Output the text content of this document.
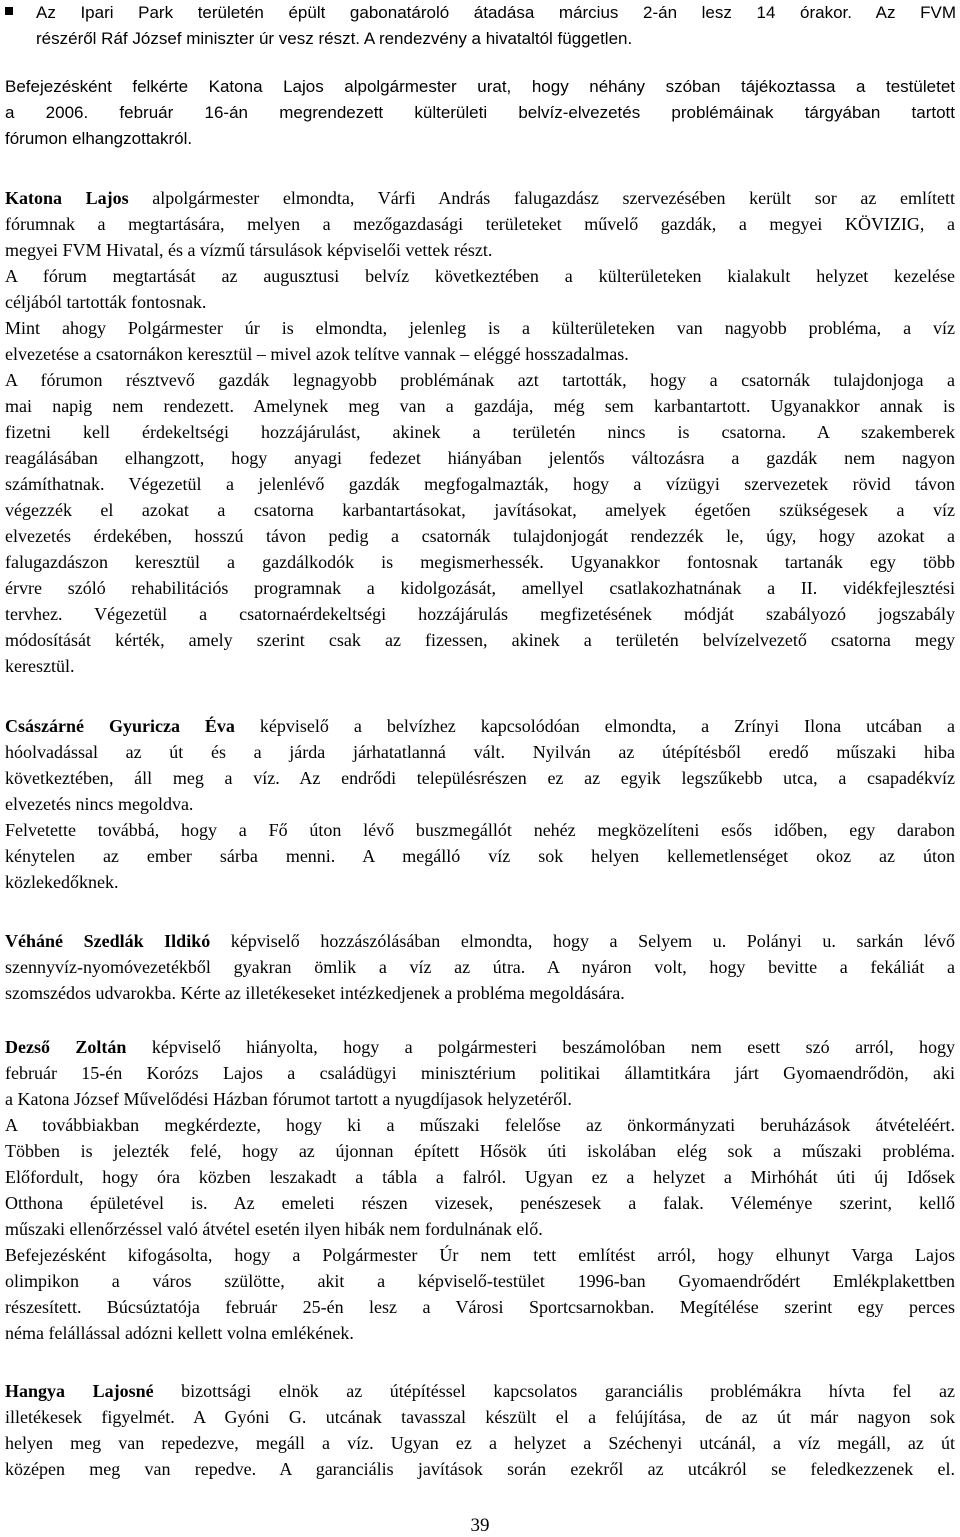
Az Ipari Park területén épült gabonatároló átadása március 2-án lesz 14 órakor. Az FVM
részéről Ráf József miniszter úr vesz részt. A rendezvény a hivataltól független.
Befejezésként felkérte Katona Lajos alpolgármester urat, hogy néhány szóban tájékoztassa a testületet
a 2006. február 16-án megrendezett külterületi belvíz-elvezetés problémáinak tárgyában tartott
fórumon elhangzottakról.
Katona Lajos alpolgármester elmondta, Várfi András falugazdász szervezésében került sor az említett
fórumnak a megtartására, melyen a mezőgazdasági területeket művelő gazdák, a megyei KÖVIZIG, a
megyei FVM Hivatal, és a vízmű társulások képviselői vettek részt.
A fórum megtartását az augusztusi belvíz következtében a külterületeken kialakult helyzet kezelése
céljából tartották fontosnak.
Mint ahogy Polgármester úr is elmondta, jelenleg is a külterületeken van nagyobb probléma, a víz
elvezetése a csatornákon keresztül – mivel azok telítve vannak – eléggé hosszadalmas.
A fórumon résztvevő gazdák legnagyobb problémának azt tartották, hogy a csatornák tulajdonjoga a
mai napig nem rendezett. Amelynek meg van a gazdája, még sem karbantartott. Ugyanakkor annak is
fizetni kell érdekeltségi hozzájárulást, akinek a területén nincs is csatorna. A szakemberek
reagálásában elhangzott, hogy anyagi fedezet hiányában jelentős változásra a gazdák nem nagyon
számíthatnak. Végezetül a jelenlévő gazdák megfogalmazták, hogy a vízügyi szervezetek rövid távon
végezzék el azokat a csatorna karbantartásokat, javításokat, amelyek égetően szükségesek a víz
elvezetés érdekében, hosszú távon pedig a csatornák tulajdonjogát rendezzék le, úgy, hogy azokat a
falugazdászon keresztül a gazdálkodók is megismerhessék. Ugyanakkor fontosnak tartanák egy több
érvre szóló rehabilitációs programnak a kidolgozását, amellyel csatlakozhatnának a II. vidékfejlesztési
tervhez. Végezetül a csatornaérdekeltségi hozzájárulás megfizetésének módját szabályozó jogszabály
módosítását kérték, amely szerint csak az fizessen, akinek a területén belvízelvezető csatorna megy
keresztül.
Császárné Gyuricza Éva képviselő a belvízhez kapcsolódóan elmondta, a Zrínyi Ilona utcában a
hóolvadással az út és a járda járhatatlanná vált. Nyilván az útépítésből eredő műszaki hiba
következtében, áll meg a víz. Az endrődi településrészen ez az egyik legszűkebb utca, a csapadékvíz
elvezetés nincs megoldva.
Felvetette továbbá, hogy a Fő úton lévő buszmegállót nehéz megközelíteni esős időben, egy darabon
kénytelen az ember sárba menni. A megálló víz sok helyen kellemetlenséget okoz az úton
közlekedőknek.
Véháné Szedlák Ildikó képviselő hozzászólásában elmondta, hogy a Selyem u. Polányi u. sarkán lévő
szennyvíz-nyomóvezetékből gyakran ömlik a víz az útra. A nyáron volt, hogy bevitte a fekáliát a
szomszédos udvarokba. Kérte az illetékeseket intézkedjenek a probléma megoldására.
Dezső Zoltán képviselő hiányolta, hogy a polgármesteri beszámolóban nem esett szó arról, hogy
február 15-én Korózs Lajos a családügyi minisztérium politikai államtitkára járt Gyomaendrődön, aki
a Katona József Művelődési Házban fórumot tartott a nyugdíjasok helyzetéről.
A továbbiakban megkérdezte, hogy ki a műszaki felelőse az önkormányzati beruházások átvételéért.
Többen is jelezték felé, hogy az újonnan épített Hősök úti iskolában elég sok a műszaki probléma.
Előfordult, hogy óra közben leszakadt a tábla a falról. Ugyan ez a helyzet a Mirhóhát úti új Idősek
Otthona épületével is. Az emeleti részen vizesek, penészesek a falak. Véleménye szerint, kellő
műszaki ellenőrzéssel való átvétel esetén ilyen hibák nem fordulnának elő.
Befejezésként kifogásolta, hogy a Polgármester Úr nem tett említést arról, hogy elhunyt Varga Lajos
olimpikon a város szülötte, akit a képviselő-testület 1996-ban Gyomaendrődért Emlékplakettben
részesített. Búcsúztatója február 25-én lesz a Városi Sportcsarnokban. Megítélése szerint egy perces
néma felállással adózni kellett volna emlékének.
Hangya Lajosné bizottsági elnök az útépítéssel kapcsolatos garanciális problémákra hívta fel az
illetékesek figyelmét. A Gyóni G. utcának tavasszal készült el a felújítása, de az út már nagyon sok
helyen meg van repedezve, megáll a víz. Ugyan ez a helyzet a Széchenyi utcánál, a víz megáll, az út
középen meg van repedve. A garanciális javítások során ezekről az utcákról se feledkezzenek el.
39
